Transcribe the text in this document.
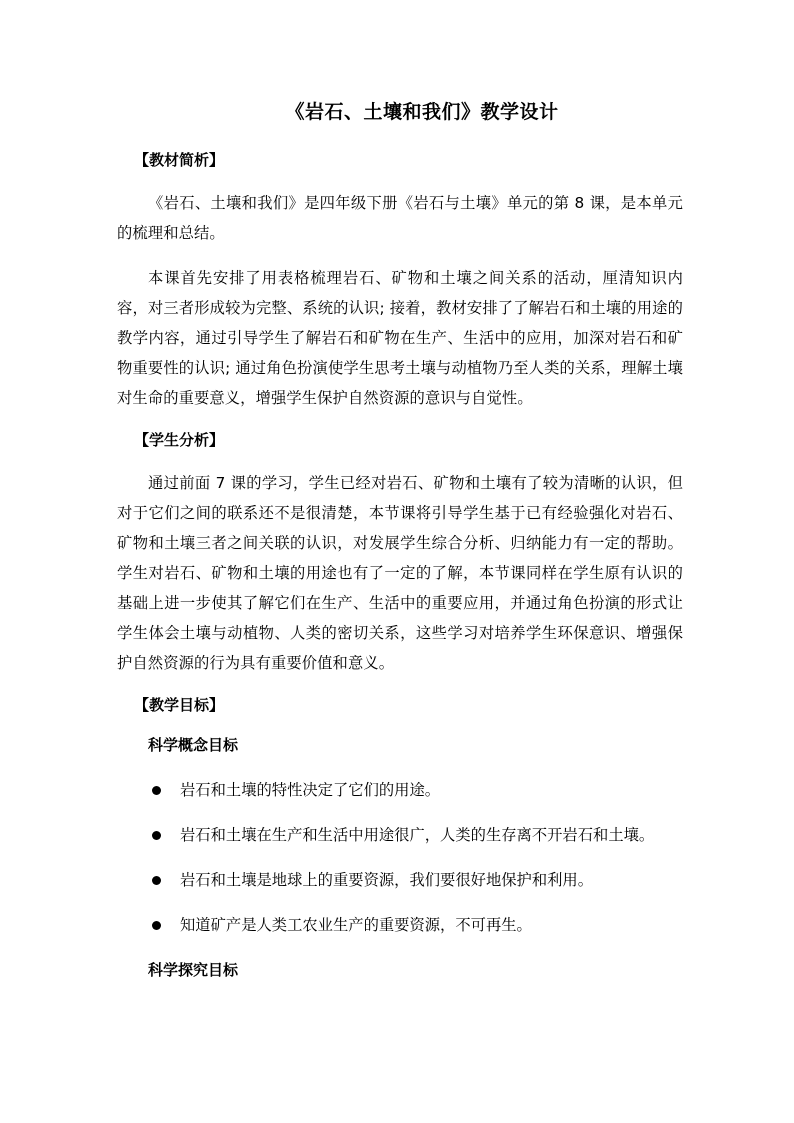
《岩石、土壤和我们》教学设计
【教材简析】

《岩石、土壤和我们》是四年级下册《岩石与土壤》单元的第 8 课，是本单元的梳理和总结。

本课首先安排了用表格梳理岩石、矿物和土壤之间关系的活动，厘清知识内容，对三者形成较为完整、系统的认识; 接着，教材安排了了解岩石和土壤的用途的教学内容，通过引导学生了解岩石和矿物在生产、生活中的应用，加深对岩石和矿物重要性的认识; 通过角色扮演使学生思考土壤与动植物乃至人类的关系，理解土壤对生命的重要意义，增强学生保护自然资源的意识与自觉性。

【学生分析】

通过前面 7 课的学习，学生已经对岩石、矿物和土壤有了较为清晰的认识，但对于它们之间的联系还不是很清楚，本节课将引导学生基于已有经验强化对岩石、矿物和土壤三者之间关联的认识，对发展学生综合分析、归纳能力有一定的帮助。学生对岩石、矿物和土壤的用途也有了一定的了解，本节课同样在学生原有认识的基础上进一步使其了解它们在生产、生活中的重要应用，并通过角色扮演的形式让学生体会土壤与动植物、人类的密切关系，这些学习对培养学生环保意识、增强保护自然资源的行为具有重要价值和意义。

【教学目标】
科学概念目标
岩石和土壤的特性决定了它们的用途。
岩石和土壤在生产和生活中用途很广，人类的生存离不开岩石和土壤。
岩石和土壤是地球上的重要资源，我们要很好地保护和利用。
知道矿产是人类工农业生产的重要资源，不可再生。
科学探究目标
